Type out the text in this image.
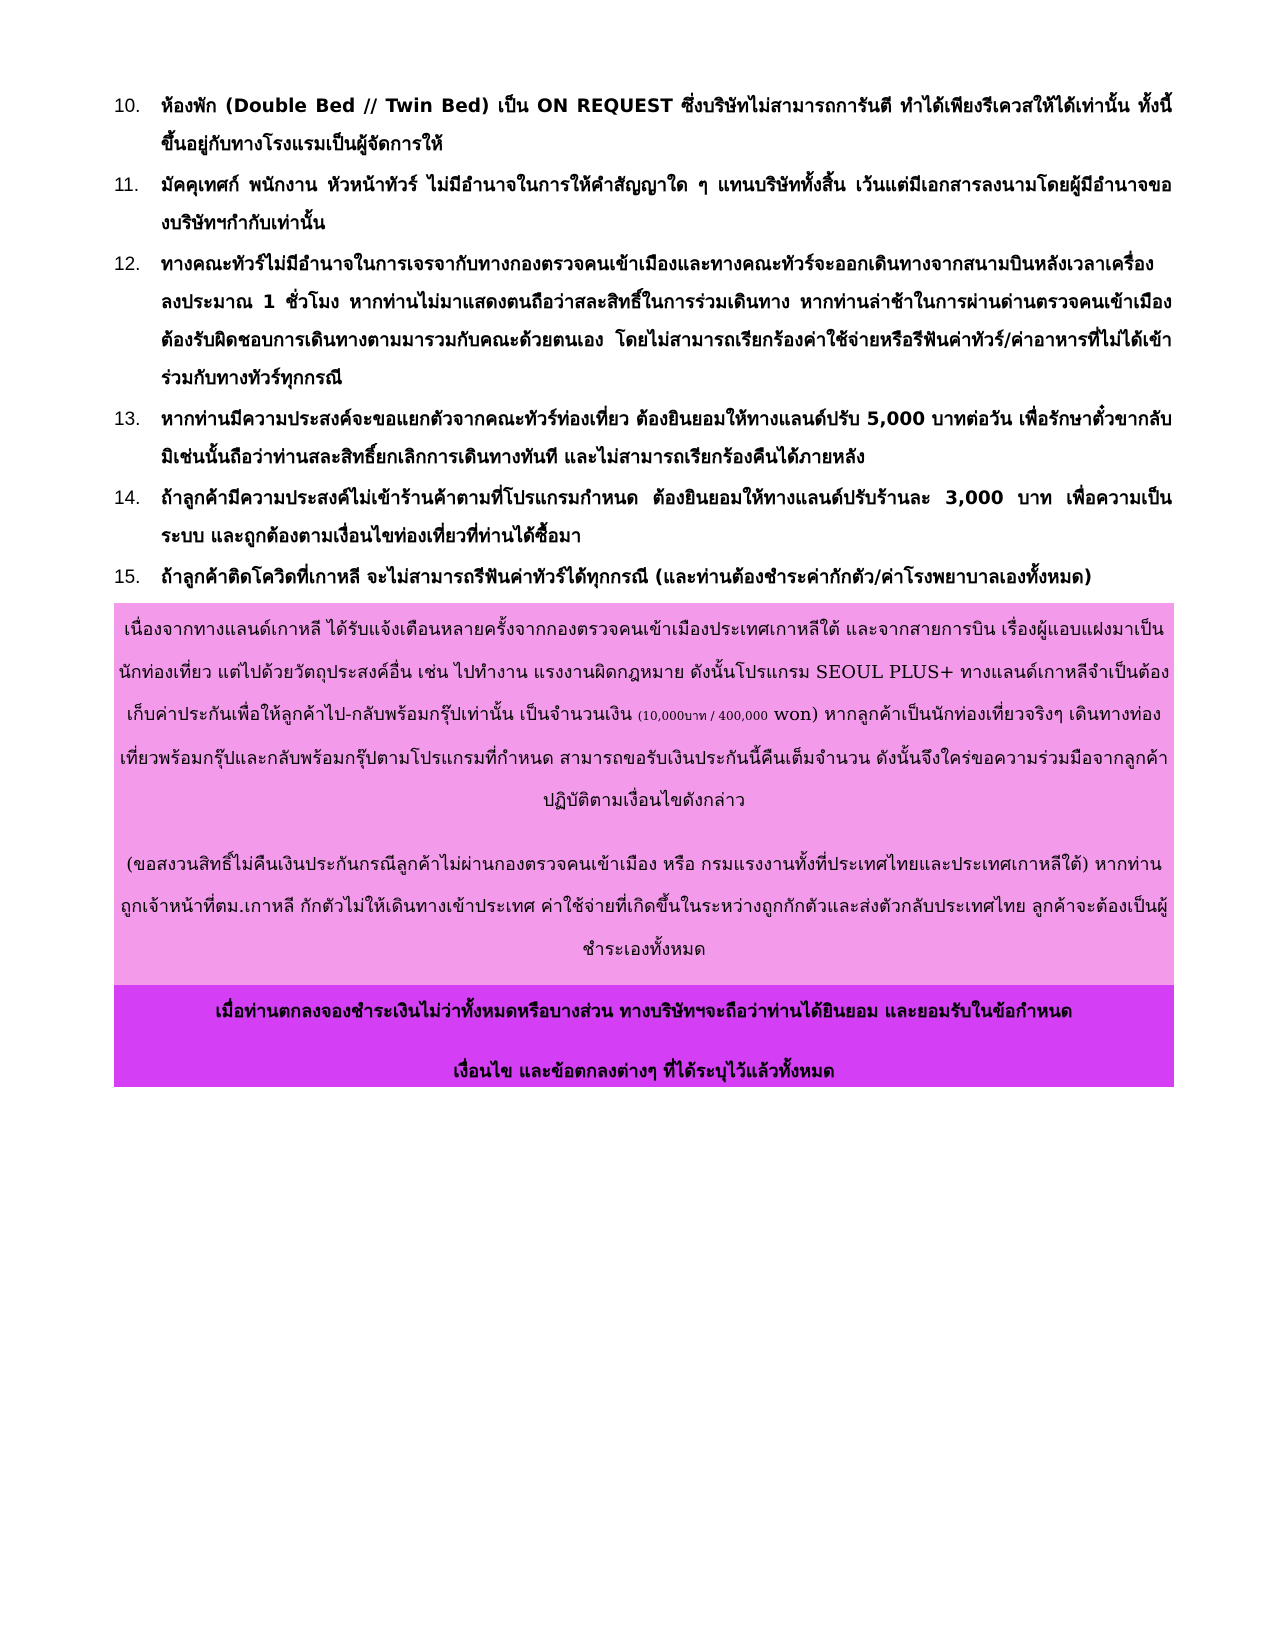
10.	ห้องพัก (Double Bed // Twin Bed) เป็น ON REQUEST ซึ่งบริษัทไม่สามารถการันตี ทำได้เพียงรีเควสให้ได้เท่านั้น ทั้งนี้ขึ้นอยู่กับทางโรงแรมเป็นผู้จัดการให้
11.	มัคคุเทศก์ พนักงาน หัวหน้าทัวร์ ไม่มีอำนาจในการให้คำสัญญาใด ๆ แทนบริษัททั้งสิ้น เว้นแต่มีเอกสารลงนามโดยผู้มีอำนาจของบริษัทฯกำกับเท่านั้น
12.	ทางคณะทัวร์ไม่มีอำนาจในการเจรจากับทางกองตรวจคนเข้าเมืองและทางคณะทัวร์จะออกเดินทางจากสนามบินหลังเวลาเครื่องลงประมาณ 1 ชั่วโมง หากท่านไม่มาแสดงตนถือว่าสละสิทธิ์ในการร่วมเดินทาง หากท่านล่าช้าในการผ่านด่านตรวจคนเข้าเมือง ต้องรับผิดชอบการเดินทางตามมารวมกับคณะด้วยตนเอง โดยไม่สามารถเรียกร้องค่าใช้จ่ายหรือรีฟันค่าทัวร์/ค่าอาหารที่ไม่ได้เข้าร่วมกับทางทัวร์ทุกกรณี
13.	หากท่านมีความประสงค์จะขอแยกตัวจากคณะทัวร์ท่องเที่ยว ต้องยินยอมให้ทางแลนด์ปรับ 5,000 บาทต่อวัน เพื่อรักษาตั๋วขากลับ มิเช่นนั้นถือว่าท่านสละสิทธิ์ยกเลิกการเดินทางทันที และไม่สามารถเรียกร้องคืนได้ภายหลัง
14.	ถ้าลูกค้ามีความประสงค์ไม่เข้าร้านค้าตามที่โปรแกรมกำหนด ต้องยินยอมให้ทางแลนด์ปรับร้านละ 3,000 บาท เพื่อความเป็นระบบ และถูกต้องตามเงื่อนไขท่องเที่ยวที่ท่านได้ซื้อมา
15.	ถ้าลูกค้าติดโควิดที่เกาหลี จะไม่สามารถรีฟันค่าทัวร์ได้ทุกกรณี (และท่านต้องชำระค่ากักตัว/ค่าโรงพยาบาลเองทั้งหมด)

เนื่องจากทางแลนด์เกาหลี ได้รับแจ้งเตือนหลายครั้งจากกองตรวจคนเข้าเมืองประเทศเกาหลีใต้ และจากสายการบิน เรื่องผู้แอบแฝงมาเป็นนักท่องเที่ยว แต่ไปด้วยวัตถุประสงค์อื่น เช่น ไปทำงาน แรงงานผิดกฎหมาย ดังนั้นโปรแกรม SEOUL PLUS+ ทางแลนด์เกาหลีจำเป็นต้องเก็บค่าประกันเพื่อให้ลูกค้าไป-กลับพร้อมกรุ๊ปเท่านั้น เป็นจำนวนเงิน (10,000บาท / 400,000 won) หากลูกค้าเป็นนักท่องเที่ยวจริงๆ เดินทางท่องเที่ยวพร้อมกรุ๊ปและกลับพร้อมกรุ๊ปตามโปรแกรมที่กำหนด สามารถขอรับเงินประกันนี้คืนเต็มจำนวน ดังนั้นจึงใคร่ขอความร่วมมือจากลูกค้าปฏิบัติตามเงื่อนไขดังกล่าว

(ขอสงวนสิทธิ์ไม่คืนเงินประกันกรณีลูกค้าไม่ผ่านกองตรวจคนเข้าเมือง หรือ กรมแรงงานทั้งที่ประเทศไทยและประเทศเกาหลีใต้) หากท่านถูกเจ้าหน้าที่ตม.เกาหลี กักตัวไม่ให้เดินทางเข้าประเทศ ค่าใช้จ่ายที่เกิดขึ้นในระหว่างถูกกักตัวและส่งตัวกลับประเทศไทย ลูกค้าจะต้องเป็นผู้ชำระเองทั้งหมด

เมื่อท่านตกลงจองชำระเงินไม่ว่าทั้งหมดหรือบางส่วน ทางบริษัทฯจะถือว่าท่านได้ยินยอม และยอมรับในข้อกำหนด

เงื่อนไข และข้อตกลงต่างๆ ที่ได้ระบุไว้แล้วทั้งหมด
